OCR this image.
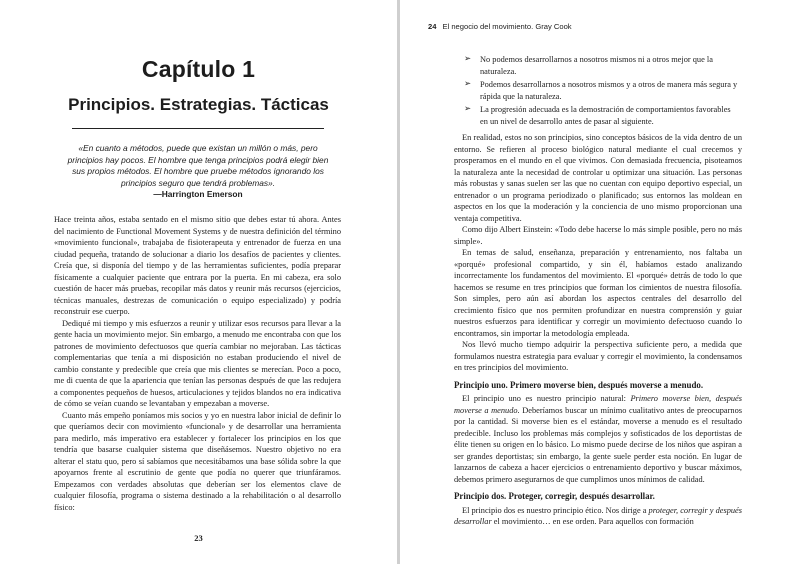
Capítulo 1
Principios. Estrategias. Tácticas
«En cuanto a métodos, puede que existan un millón o más, pero principios hay pocos. El hombre que tenga principios podrá elegir bien sus propios métodos. El hombre que pruebe métodos ignorando los principios seguro que tendrá problemas».
—Harrington Emerson

Hace treinta años, estaba sentado en el mismo sitio que debes estar tú ahora. Antes del nacimiento de Functional Movement Systems y de nuestra definición del término «movimiento funcional», trabajaba de fisioterapeuta y entrenador de fuerza en una ciudad pequeña, tratando de solucionar a diario los desafíos de pacientes y clientes. Creía que, si disponía del tiempo y de las herramientas suficientes, podía preparar físicamente a cualquier paciente que entrara por la puerta. En mi cabeza, era solo cuestión de hacer más pruebas, recopilar más datos y reunir más recursos (ejercicios, técnicas manuales, destrezas de comunicación o equipo especializado) y podría reconstruir ese cuerpo.

Dediqué mi tiempo y mis esfuerzos a reunir y utilizar esos recursos para llevar a la gente hacia un movimiento mejor. Sin embargo, a menudo me encontraba con que los patrones de movimiento defectuosos que quería cambiar no mejoraban. Las tácticas complementarias que tenía a mi disposición no estaban produciendo el nivel de cambio constante y predecible que creía que mis clientes se merecían. Poco a poco, me di cuenta de que la apariencia que tenían las personas después de que las redujera a componentes pequeños de huesos, articulaciones y tejidos blandos no era indicativa de cómo se veían cuando se levantaban y empezaban a moverse.

Cuanto más empeño poníamos mis socios y yo en nuestra labor inicial de definir lo que queríamos decir con movimiento «funcional» y de desarrollar una herramienta para medirlo, más imperativo era establecer y fortalecer los principios en los que tendría que basarse cualquier sistema que diseñásemos. Nuestro objetivo no era alterar el statu quo, pero sí sabíamos que necesitábamos una base sólida sobre la que apoyarnos frente al escrutinio de gente que podía no querer que triunfáramos. Empezamos con verdades absolutas que deberían ser los elementos clave de cualquier filosofía, programa o sistema destinado a la rehabilitación o al desarrollo físico:

23
24 El negocio del movimiento. Gray Cook
➢ No podemos desarrollarnos a nosotros mismos ni a otros mejor que la naturaleza.
➢ Podemos desarrollarnos a nosotros mismos y a otros de manera más segura y rápida que la naturaleza.
➢ La progresión adecuada es la demostración de comportamientos favorables en un nivel de desarrollo antes de pasar al siguiente.

En realidad, estos no son principios, sino conceptos básicos de la vida dentro de un entorno. Se refieren al proceso biológico natural mediante el cual crecemos y prosperamos en el mundo en el que vivimos. Con demasiada frecuencia, pisoteamos la naturaleza ante la necesidad de controlar u optimizar una situación. Las personas más robustas y sanas suelen ser las que no cuentan con equipo deportivo especial, un entrenador o un programa periodizado o planificado; sus entornos las moldean en aspectos en los que la moderación y la conciencia de uno mismo proporcionan una ventaja competitiva.

Como dijo Albert Einstein: «Todo debe hacerse lo más simple posible, pero no más simple».

En temas de salud, enseñanza, preparación y entrenamiento, nos faltaba un «porqué» profesional compartido, y sin él, habíamos estado analizando incorrectamente los fundamentos del movimiento. El «porqué» detrás de todo lo que hacemos se resume en tres principios que forman los cimientos de nuestra filosofía. Son simples, pero aún así abordan los aspectos centrales del desarrollo del crecimiento físico que nos permiten profundizar en nuestra comprensión y guiar nuestros esfuerzos para identificar y corregir un movimiento defectuoso cuando lo encontramos, sin importar la metodología empleada.

Nos llevó mucho tiempo adquirir la perspectiva suficiente pero, a medida que formulamos nuestra estrategia para evaluar y corregir el movimiento, la condensamos en tres principios del movimiento.

Principio uno. Primero moverse bien, después moverse a menudo.

El principio uno es nuestro principio natural: Primero moverse bien, después moverse a menudo. Deberíamos buscar un mínimo cualitativo antes de preocuparnos por la cantidad. Si moverse bien es el estándar, moverse a menudo es el resultado predecible. Incluso los problemas más complejos y sofisticados de los deportistas de élite tienen su origen en lo básico. Lo mismo puede decirse de los niños que aspiran a ser grandes deportistas; sin embargo, la gente suele perder esta noción. En lugar de lanzarnos de cabeza a hacer ejercicios o entrenamiento deportivo y buscar máximos, debemos primero asegurarnos de que cumplimos unos mínimos de calidad.

Principio dos. Proteger, corregir, después desarrollar.

El principio dos es nuestro principio ético. Nos dirige a proteger, corregir y después desarrollar el movimiento… en ese orden. Para aquellos con formación
